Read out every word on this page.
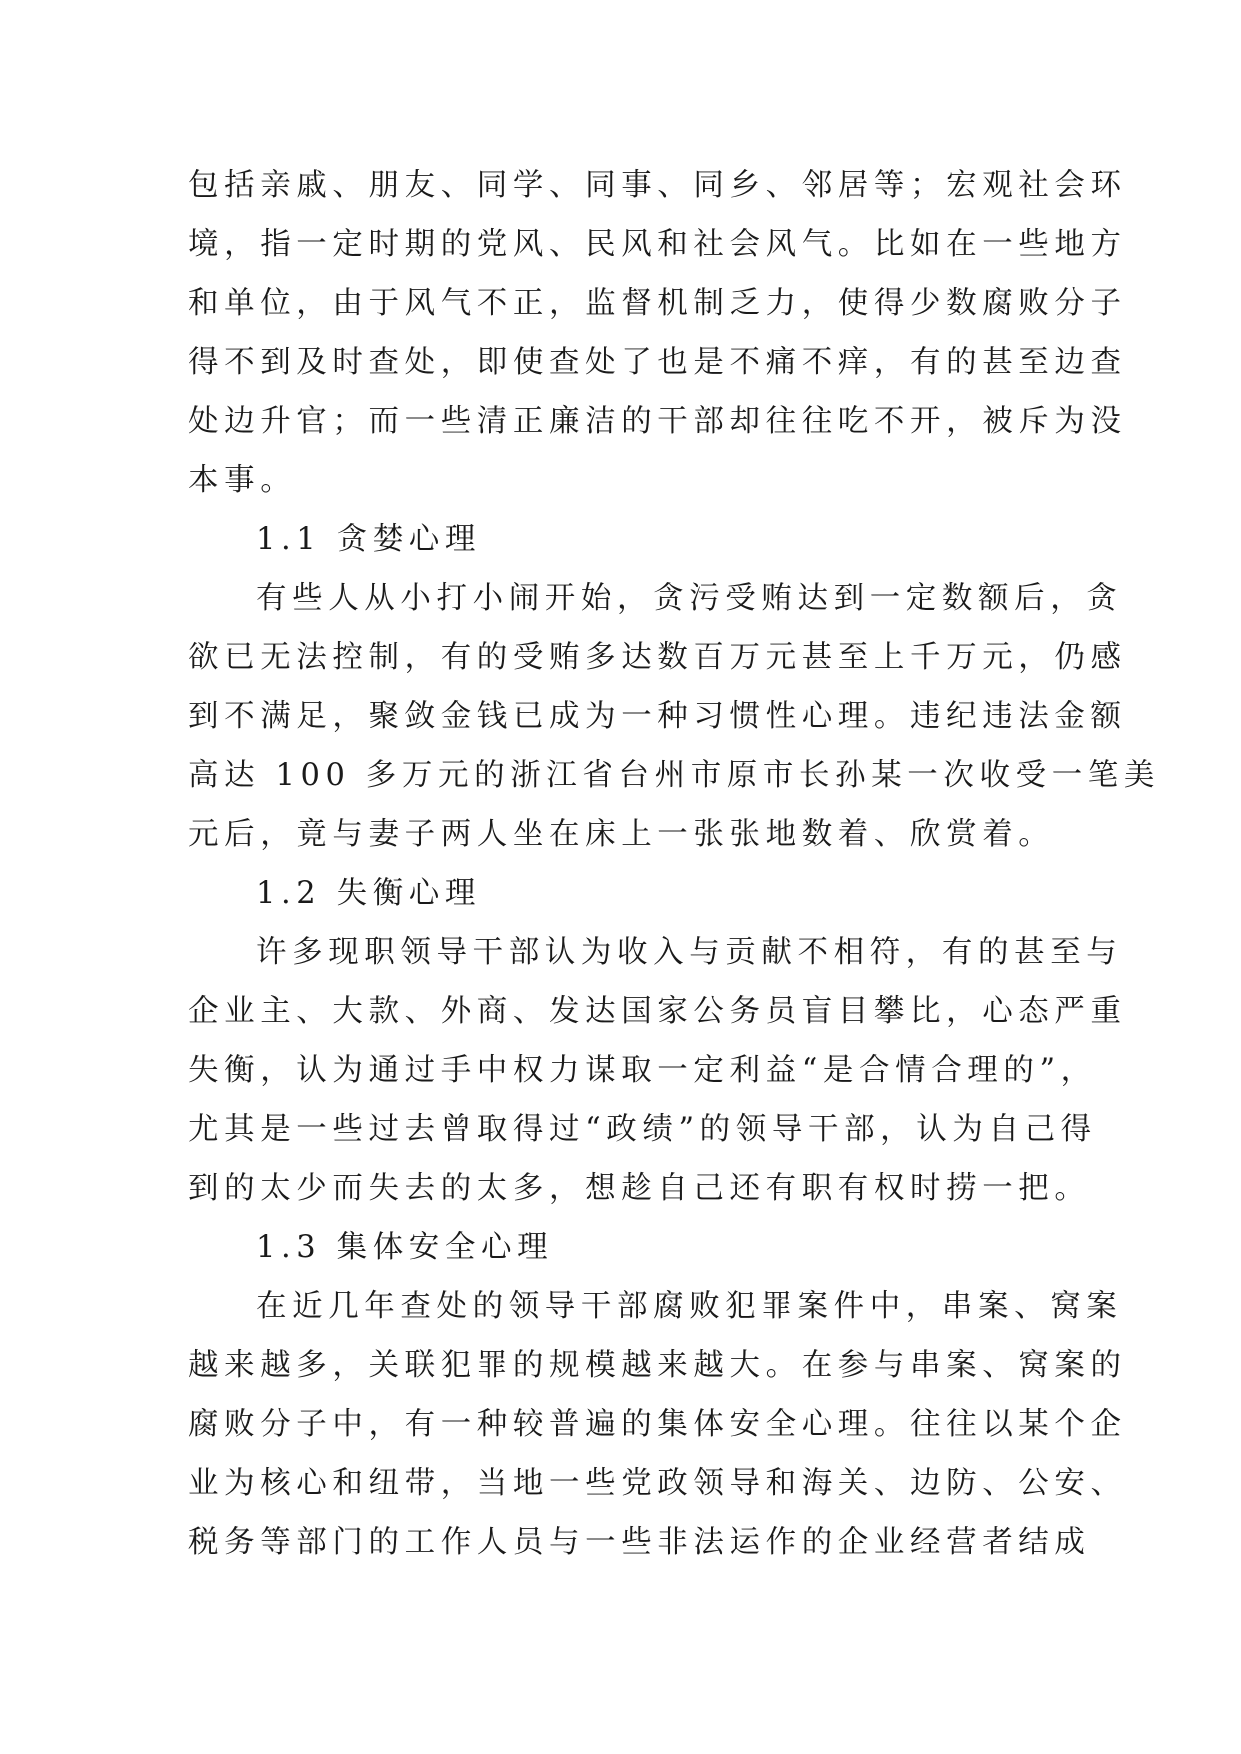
包括亲戚、朋友、同学、同事、同乡、邻居等；宏观社会环
境，指一定时期的党风、民风和社会风气。比如在一些地方
和单位，由于风气不正，监督机制乏力，使得少数腐败分子
得不到及时查处，即使查处了也是不痛不痒，有的甚至边查
处边升官；而一些清正廉洁的干部却往往吃不开，被斥为没
本事。
1.1 贪婪心理
有些人从小打小闹开始，贪污受贿达到一定数额后，贪
欲已无法控制，有的受贿多达数百万元甚至上千万元，仍感
到不满足，聚敛金钱已成为一种习惯性心理。违纪违法金额
高达 100 多万元的浙江省台州市原市长孙某一次收受一笔美
元后，竟与妻子两人坐在床上一张张地数着、欣赏着。
1.2 失衡心理
许多现职领导干部认为收入与贡献不相符，有的甚至与
企业主、大款、外商、发达国家公务员盲目攀比，心态严重
失衡，认为通过手中权力谋取一定利益“是合情合理的”，
尤其是一些过去曾取得过“政绩”的领导干部，认为自己得
到的太少而失去的太多，想趁自己还有职有权时捞一把。
1.3 集体安全心理
在近几年查处的领导干部腐败犯罪案件中，串案、窝案
越来越多，关联犯罪的规模越来越大。在参与串案、窝案的
腐败分子中，有一种较普遍的集体安全心理。往往以某个企
业为核心和纽带，当地一些党政领导和海关、边防、公安、
税务等部门的工作人员与一些非法运作的企业经营者结成
